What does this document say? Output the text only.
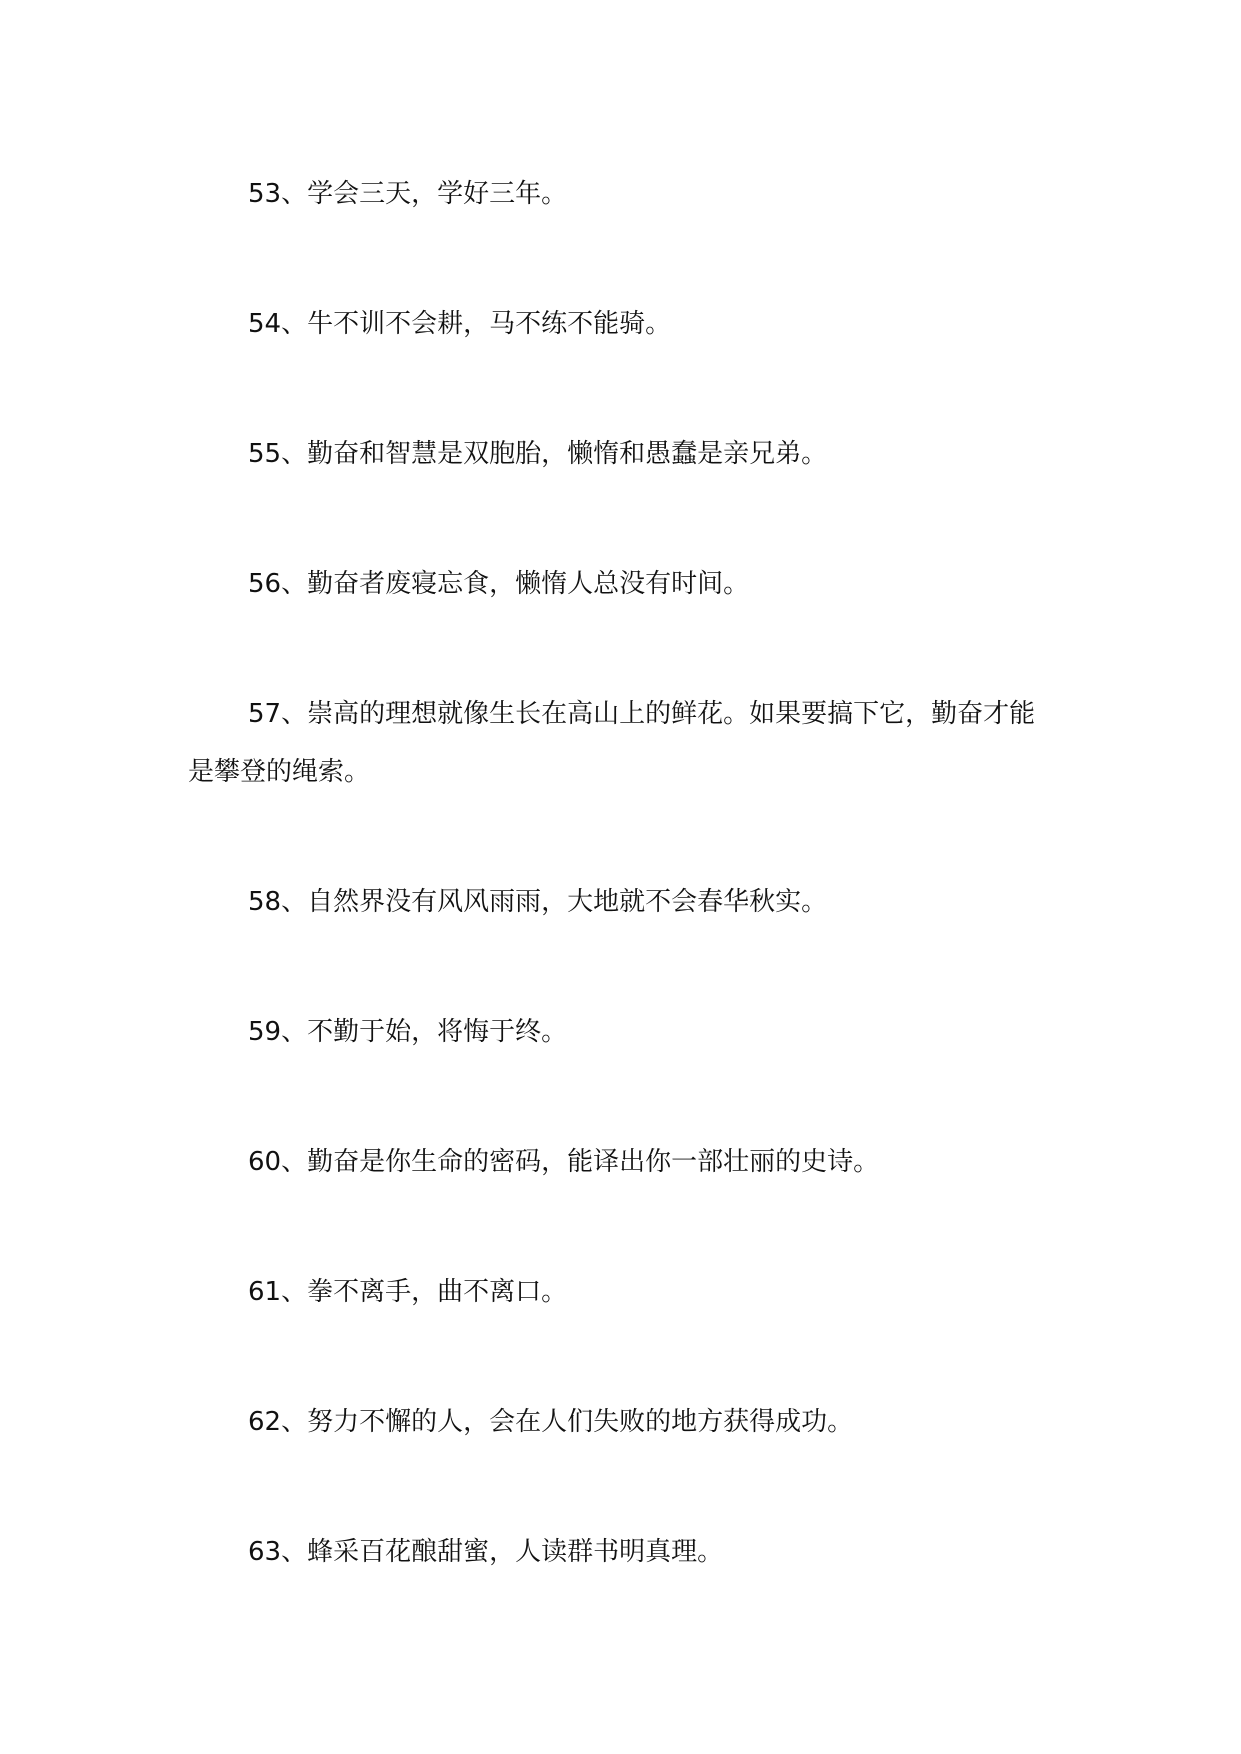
53、学会三天，学好三年。

54、牛不训不会耕，马不练不能骑。

55、勤奋和智慧是双胞胎，懒惰和愚蠢是亲兄弟。

56、勤奋者废寝忘食，懒惰人总没有时间。

57、崇高的理想就像生长在高山上的鲜花。如果要搞下它，勤奋才能是攀登的绳索。

58、自然界没有风风雨雨，大地就不会春华秋实。

59、不勤于始，将悔于终。

60、勤奋是你生命的密码，能译出你一部壮丽的史诗。

61、拳不离手，曲不离口。

62、努力不懈的人，会在人们失败的地方获得成功。

63、蜂采百花酿甜蜜，人读群书明真理。
